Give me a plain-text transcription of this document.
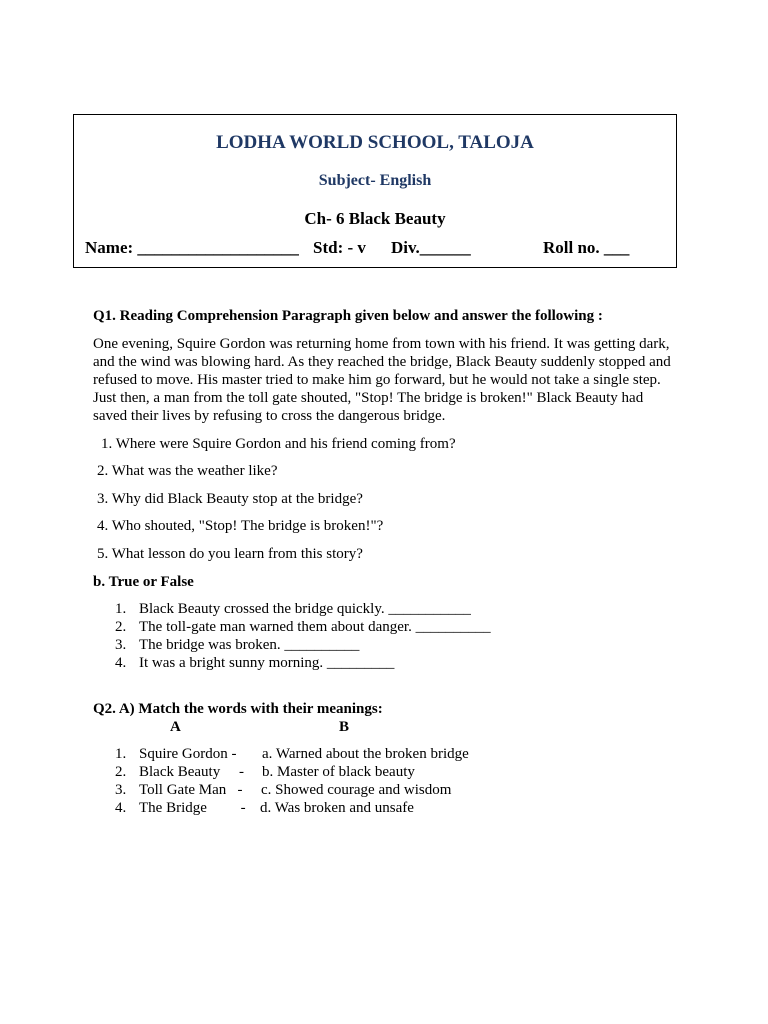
LODHA WORLD SCHOOL, TALOJA
Subject- English
Ch- 6 Black Beauty
Name: ___________________ Std: - v Div.______	Roll no. ___
Q1. Reading Comprehension Paragraph given below and answer the following :
One evening, Squire Gordon was returning home from town with his friend. It was getting dark, and the wind was blowing hard. As they reached the bridge, Black Beauty suddenly stopped and refused to move. His master tried to make him go forward, but he would not take a single step. Just then, a man from the toll gate shouted, "Stop! The bridge is broken!" Black Beauty had saved their lives by refusing to cross the dangerous bridge.
1. Where were Squire Gordon and his friend coming from?
2. What was the weather like?
3. Why did Black Beauty stop at the bridge?
4. Who shouted, "Stop! The bridge is broken!"?
5. What lesson do you learn from this story?
b. True or False
1. Black Beauty crossed the bridge quickly. ___________
2. The toll-gate man warned them about danger. __________
3. The bridge was broken. __________
4. It was a bright sunny morning. _________
Q2. A) Match the words with their meanings:
A	B
1. Squire Gordon - a. Warned about the broken bridge
2. Black Beauty     - b. Master of black beauty
3. Toll Gate Man   - c. Showed courage and wisdom
4. The Bridge         - d. Was broken and unsafe
